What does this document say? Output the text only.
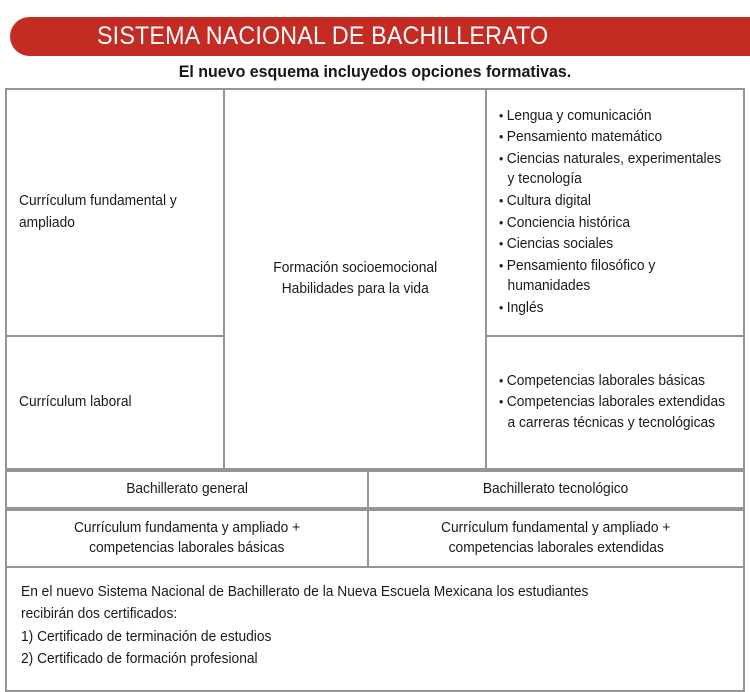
SISTEMA NACIONAL DE BACHILLERATO
El nuevo esquema incluyedos opciones formativas.
Currículum fundamental y ampliado
Currículum laboral
Formación socioemocional
Habilidades para la vida
• Lengua y comunicación
• Pensamiento matemático
• Ciencias naturales, experimentales y tecnología
• Cultura digital
• Conciencia histórica
• Ciencias sociales
• Pensamiento filosófico y humanidades
• Inglés
• Competencias laborales básicas
• Competencias laborales extendidas a carreras técnicas y tecnológicas
Bachillerato general	Bachillerato tecnológico
Currículum fundamenta y ampliado +
competencias laborales básicas
Currículum fundamental y ampliado +
competencias laborales extendidas
En el nuevo Sistema Nacional de Bachillerato de la Nueva Escuela Mexicana los estudiantes
recibirán dos certificados:
1) Certificado de terminación de estudios
2) Certificado de formación profesional
